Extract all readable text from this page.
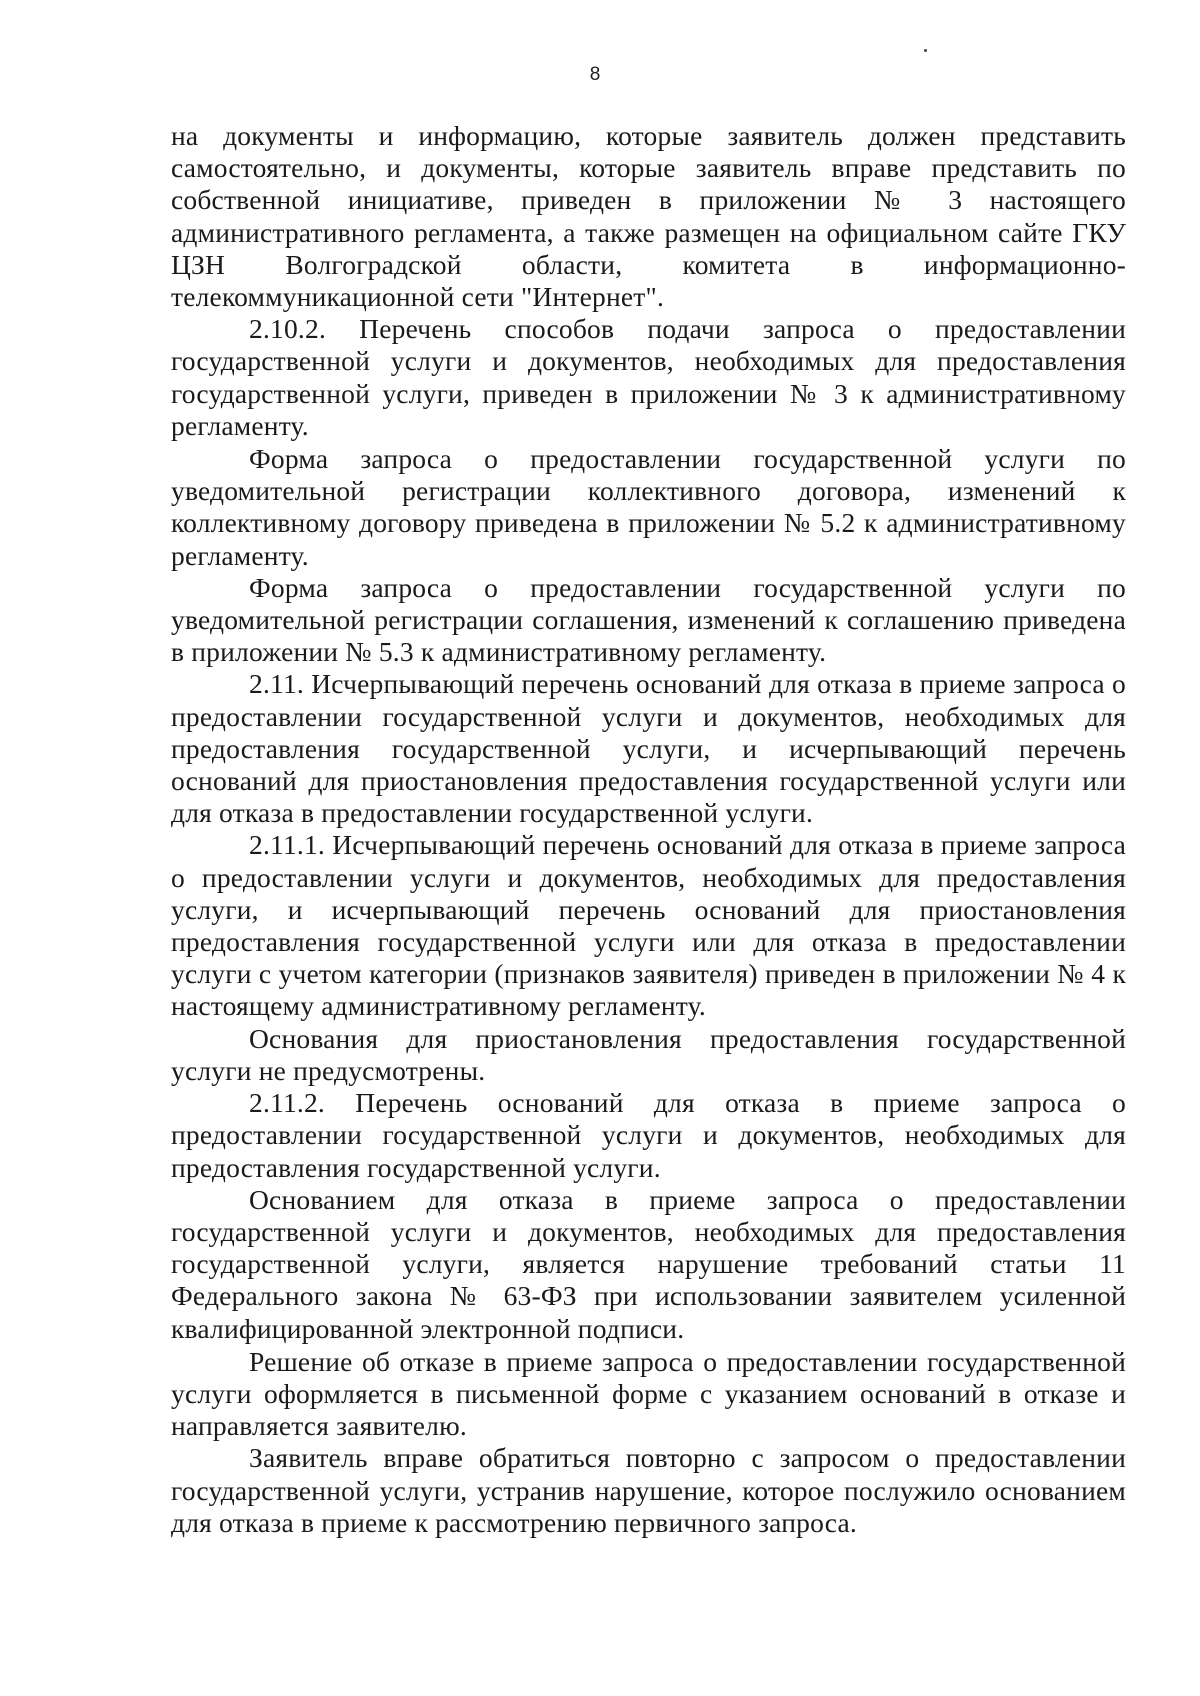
8

на документы и информацию, которые заявитель должен представить самостоятельно, и документы, которые заявитель вправе представить по собственной инициативе, приведен в приложении № 3 настоящего административного регламента, а также размещен на официальном сайте ГКУ ЦЗН Волгоградской области, комитета в информационно-телекоммуникационной сети "Интернет".

2.10.2. Перечень способов подачи запроса о предоставлении государственной услуги и документов, необходимых для предоставления государственной услуги, приведен в приложении № 3 к административному регламенту.

Форма запроса о предоставлении государственной услуги по уведомительной регистрации коллективного договора, изменений к коллективному договору приведена в приложении № 5.2 к административному регламенту.

Форма запроса о предоставлении государственной услуги по уведомительной регистрации соглашения, изменений к соглашению приведена в приложении № 5.3 к административному регламенту.

2.11. Исчерпывающий перечень оснований для отказа в приеме запроса о предоставлении государственной услуги и документов, необходимых для предоставления государственной услуги, и исчерпывающий перечень оснований для приостановления предоставления государственной услуги или для отказа в предоставлении государственной услуги.

2.11.1. Исчерпывающий перечень оснований для отказа в приеме запроса о предоставлении услуги и документов, необходимых для предоставления услуги, и исчерпывающий перечень оснований для приостановления предоставления государственной услуги или для отказа в предоставлении услуги с учетом категории (признаков заявителя) приведен в приложении № 4 к настоящему административному регламенту.

Основания для приостановления предоставления государственной услуги не предусмотрены.

2.11.2. Перечень оснований для отказа в приеме запроса о предоставлении государственной услуги и документов, необходимых для предоставления государственной услуги.

Основанием для отказа в приеме запроса о предоставлении государственной услуги и документов, необходимых для предоставления государственной услуги, является нарушение требований статьи 11 Федерального закона № 63-ФЗ при использовании заявителем усиленной квалифицированной электронной подписи.

Решение об отказе в приеме запроса о предоставлении государственной услуги оформляется в письменной форме с указанием оснований в отказе и направляется заявителю.

Заявитель вправе обратиться повторно с запросом о предоставлении государственной услуги, устранив нарушение, которое послужило основанием для отказа в приеме к рассмотрению первичного запроса.
